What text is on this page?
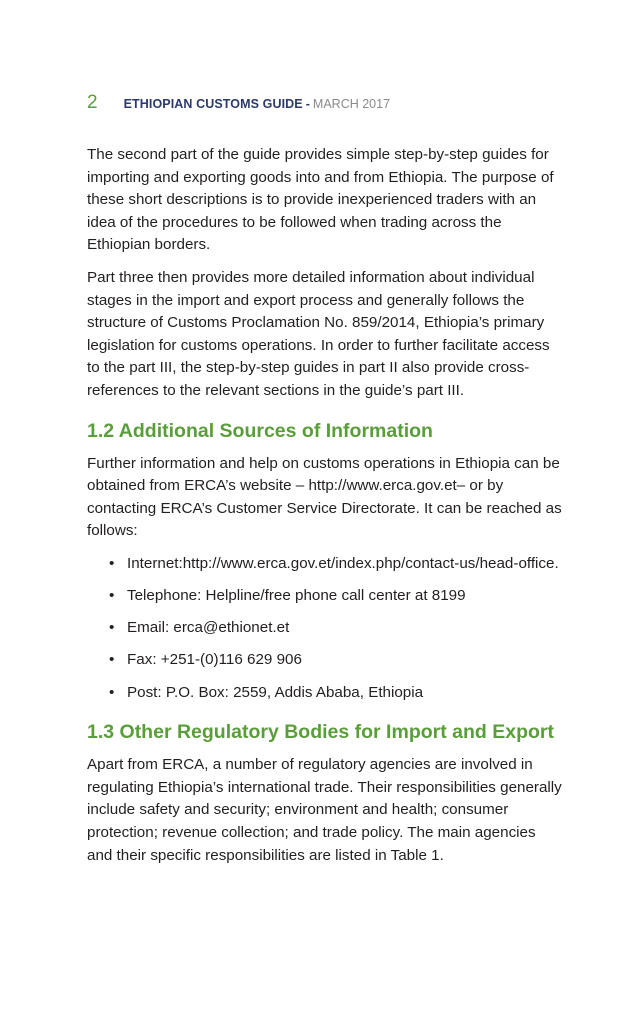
2 ETHIOPIAN CUSTOMS GUIDE - MARCH 2017

The second part of the guide provides simple step-by-step guides for importing and exporting goods into and from Ethiopia. The purpose of these short descriptions is to provide inexperienced traders with an idea of the procedures to be followed when trading across the Ethiopian borders.

Part three then provides more detailed information about individual stages in the import and export process and generally follows the structure of Customs Proclamation No. 859/2014, Ethiopia’s primary legislation for customs operations. In order to further facilitate access to the part III, the step-by-step guides in part II also provide cross-references to the relevant sections in the guide’s part III.

1.2 Additional Sources of Information

Further information and help on customs operations in Ethiopia can be obtained from ERCA’s website – http://www.erca.gov.et– or by contacting ERCA’s Customer Service Directorate. It can be reached as follows:

• Internet:http://www.erca.gov.et/index.php/contact-us/head-office.
• Telephone: Helpline/free phone call center at 8199
• Email: erca@ethionet.et
• Fax: +251-(0)116 629 906
• Post: P.O. Box: 2559, Addis Ababa, Ethiopia
1.3 Other Regulatory Bodies for Import and Export

Apart from ERCA, a number of regulatory agencies are involved in regulating Ethiopia’s international trade. Their responsibilities generally include safety and security; environment and health; consumer protection; revenue collection; and trade policy. The main agencies and their specific responsibilities are listed in Table 1.
